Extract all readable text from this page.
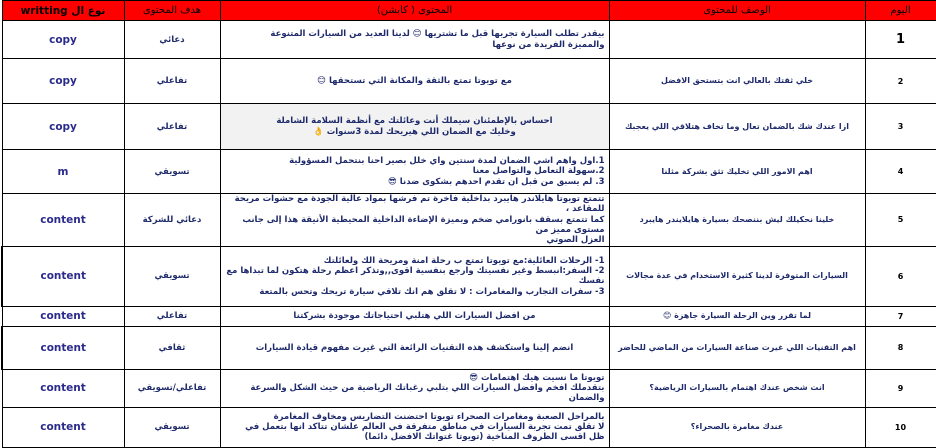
اليوم	الوصف للمحتوى	المحتوى ( كابشن)	هدف المحتوى	نوع ال writting
1		بيقدر تطلب السيارة تجربها قبل ما تشتريها 😊 لدينا العديد من السيارات المتنوعة
والمميزة الفريدة من نوعها	دعائي	copy
2	خلي ثقتك بالعالي انت بتستحق الافضل	مع تويوتا تمتع بالثقة والمكانة التي تستحقها 😊	تفاعلي	copy
3	ازا عندك شك بالضمان تعال وما تخاف هتلاقي اللي يعجبك	احساس بالإطمئنان سيملك أنت وعائلتك مع أنظمة السلامة الشاملة
وخليك مع الضمان اللي هيريحك لمدة 3سنوات 👌	تفاعلي	copy
4	اهم الامور اللي تخليك تثق بشركة مثلنا	1.اول واهم اشي الضمان لمدة سنتين واي خلل بصير احنا بنتحمل المسؤولية
2.سهولة التعامل والتواصل معنا
3. لم يسبق من قبل ان تقدم احدهم بشكوى ضدنا 😎	تسويقي	m
5	خلينا نحكيلك ليش بننصحك بسيارة هايلايندر هايبرد	تتمتع تويوتا هايلاندر هايبرد بداخلية فاخرة تم فرشها بمواد عالية الجودة مع حشوات مريحة للمقاعد ،
كما تتمتع بسقف بانورامي ضخم وبميزة الإضاءة الداخلية المحيطية الأنيقة هذا إلى جانب مستوى مميز من
العزل الصوتي	دعائي للشركة	content
6	السيارات المتوفرة لدينا كثيرة الاستخدام في عدة مجالات	1- الرحلات العائلية:مع تويوتا تمتع ب رحلة امنة ومريحة الك ولعائلتك
2- السفر:انبسط وغير نفسيتك وارجع بنفسية اقوى,,وتذكر اعظم رحلة هتكون لما تبداها مع نفسك
3- سفرات التجارب والمغامرات : لا تقلق هم انك تلاقي سيارة تريحك وتحس بالمتعة	تسويقي	content
7	لما تقرر وين الرحلة السيارة جاهزة 😊	من افضل السيارات اللي هتلبي احتياجاتك موجودة بشركتنا	تفاعلي	content
8	اهم التقنيات اللي غيرت صناعة السيارات من الماضي للحاضر	انضم إلينا واستكشف هذه التقنيات الرائعة التي غيرت مفهوم قيادة السيارات	ثقافي	content
9	انت شخص عندك اهتمام بالسيارات الرياضية؟	تويوتا ما نسيت هيك اهتمامات 😎
بتقدملك افخم وافضل السيارات اللي بتلبي رغباتك الرياضية من حيث الشكل والسرعة والضمان	تفاعلي/تسويقي	content
10	عندك مغامرة بالصحراء؟	بالمراحل الصعبة ومغامرات الصحراء تويوتا احتضنت التضاريس ومخاوف المغامرة
لا تقلق تمت تجربة السيارات في مناطق متفرقة في العالم علشان تتاكد انها بتعمل في
ظل اقسى الظروف المناخية (تويوتا غتواتك الافضل دائما)	تسويقي	content
